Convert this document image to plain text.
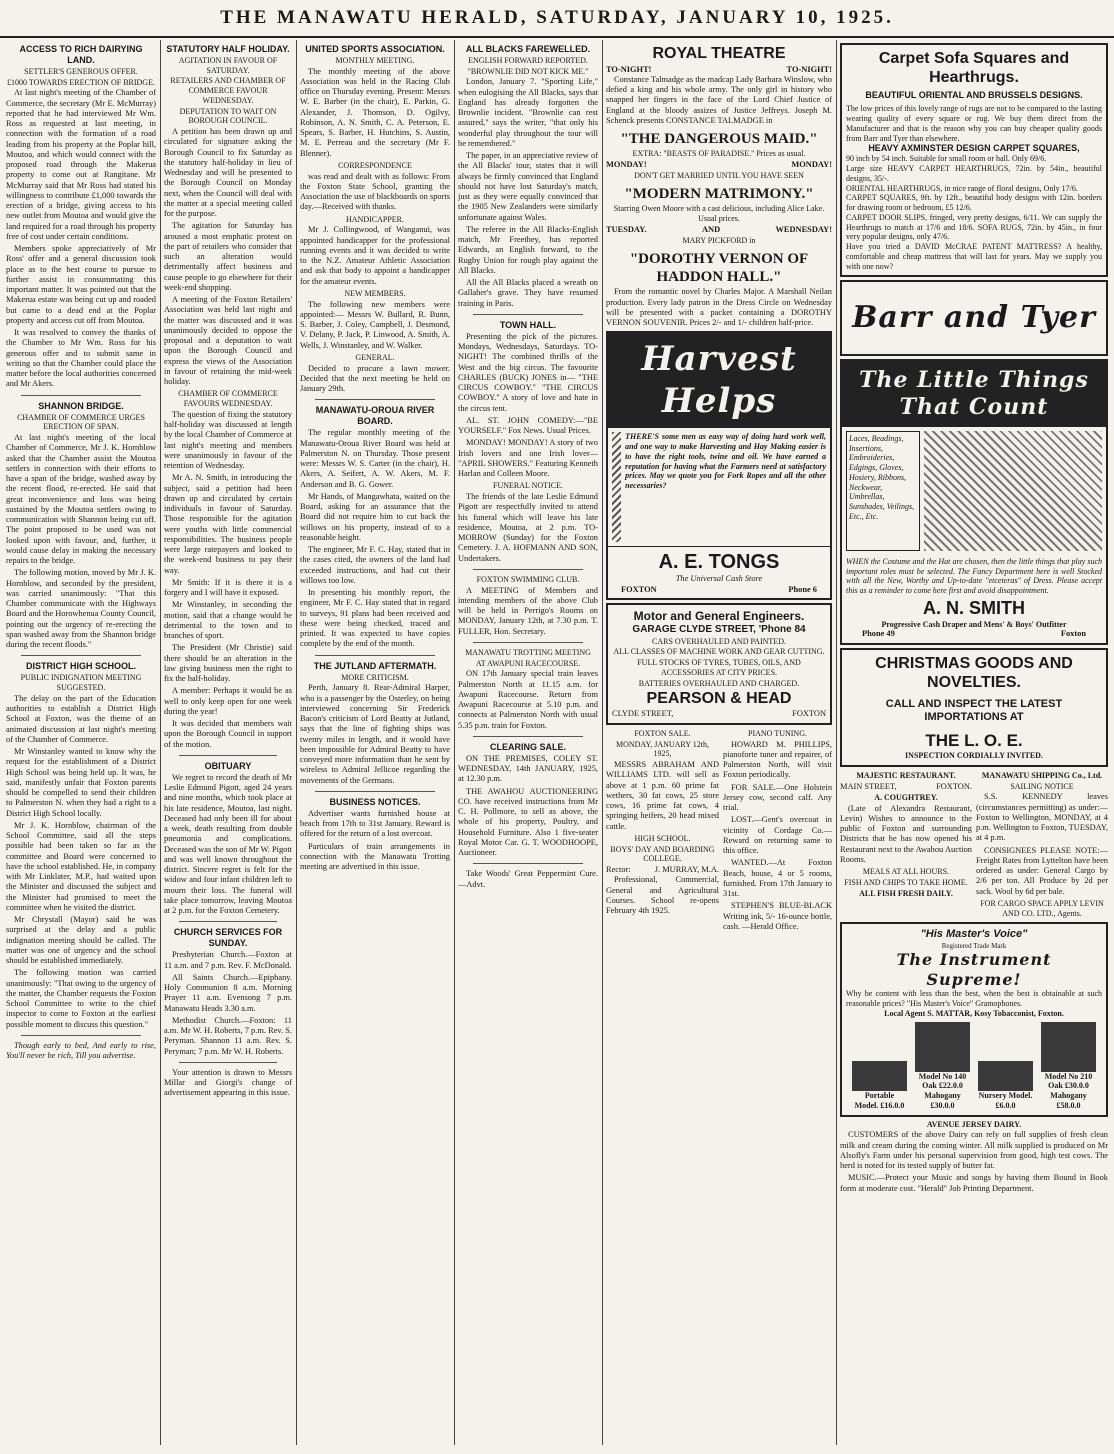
THE MANAWATU HERALD, SATURDAY, JANUARY 10, 1925.
ACCESS TO RICH DAIRYING LAND.
SETTLER'S GENEROUS OFFER.
£1000 TOWARDS ERECTION OF BRIDGE.

At last night's meeting of the Chamber of Commerce, the secretary (Mr E. McMurray) reported that he had interviewed Mr Wm. Ross as requested at last meeting, in connection with the formation of a road leading from his property at the Poplar hill, Moutoa, and which would connect with the proposed road through the Makerua property to come out at Rangitane. Mr McMurray said that Mr Ross had stated his willingness to contribute £1,000 towards the erection of a bridge, giving access to his new outlet from Moutoa and would give the land required for a road through his property free of cost under certain conditions.

Members spoke appreciatively of Mr Ross' offer and a general discussion took place as to the best course to pursue to further assist in consummating this important matter. It was pointed out that the Makerua estate was being cut up and roaded but came to a dead end at the Poplar property and access cut off from Moutoa.

It was resolved to convey the thanks of the Chamber to Mr Wm. Ross for his generous offer and to submit same in writing so that the Chamber could place the matter before the local authorities concerned and Mr Akers.

SHANNON BRIDGE.
CHAMBER OF COMMERCE URGES ERECTION OF SPAN.

At last night's meeting of the local Chamber of Commerce, Mr J. K. Hornblow asked that the Chamber assist the Moutoa settlers in connection with their efforts to have a span of the bridge, washed away by the recent flood, re-erected. He said that great inconvenience and loss was being sustained by the Moutoa settlers owing to communication with Shannon being cut off. The point proposed to be used was not looked upon with favour, and, further, it would cause delay in making the necessary repairs to the bridge.

The following motion, moved by Mr J. K. Hornblow, and seconded by the president, was carried unanimously: "That this Chamber communicate with the Highways Board and the Horowhenua County Council, pointing out the urgency of re-erecting the span washed away from the Shannon bridge during the recent floods."

DISTRICT HIGH SCHOOL.
PUBLIC INDIGNATION MEETING SUGGESTED.

The delay on the part of the Education authorities to establish a District High School at Foxton, was the theme of an animated discussion at last night's meeting of the Chamber of Commerce.

Mr Winstanley wanted to know why the request for the establishment of a District High School was being held up. It was, he said, manifestly unfair that Foxton parents should be compelled to send their children to Palmerston N. when they had a right to a District High School locally.

Mr J. K. Hornblow, chairman of the School Committee, said all the steps possible had been taken so far as the committee and Board were concerned to have the school established. He, in company with Mr Linklater, M.P., had waited upon the Minister and discussed the subject and the Minister had promised to meet the committee when he visited the district.

Mr Chrystall (Mayor) said he was surprised at the delay and a public indignation meeting should be called. The matter was one of urgency and the school should be established immediately.

The following motion was carried unanimously: "That owing to the urgency of the matter, the Chamber requests the Foxton School Committee to write to the chief inspector to come to Foxton at the earliest possible moment to discuss this question."

Though early to bed, And early to rise, You'll never be rich, Till you advertise.

STATUTORY HALF HOLIDAY.
AGITATION IN FAVOUR OF SATURDAY.
RETAILERS AND CHAMBER OF COMMERCE FAVOUR WEDNESDAY.
DEPUTATION TO WAIT ON BOROUGH COUNCIL.

A petition has been drawn up and circulated for signature asking the Borough Council to fix Saturday as the statutory half-holiday in lieu of Wednesday and will be presented to the Borough Council on Monday next, when the Council will deal with the matter at a special meeting called for the purpose.

The agitation for Saturday has aroused a most emphatic protest on the part of retailers who consider that such an alteration would detrimentally affect business and cause people to go elsewhere for their week-end shopping.

A meeting of the Foxton Retailers' Association was held last night and the matter was discussed and it was unanimously decided to oppose the proposal and a deputation to wait upon the Borough Council and express the views of the Association in favour of retaining the mid-week holiday.

CHAMBER OF COMMERCE FAVOURS WEDNESDAY.

The question of fixing the statutory half-holiday was discussed at length by the local Chamber of Commerce at last night's meeting and members were unanimously in favour of the retention of Wednesday.

Mr A. N. Smith, in introducing the subject, said a petition had been drawn up and circulated by certain individuals in favour of Saturday. Those responsible for the agitation were youths with little commercial responsibilities. The business people were large ratepayers and looked to the week-end business to pay their way.

Mr Smith: If it is there it is a forgery and I will have it exposed.

Mr Winstanley, in seconding the motion, said that a change would be detrimental to the town and to branches of sport.

The President (Mr Christie) said there should be an alteration in the law giving business men the right to fix the half-holiday.

A member: Perhaps it would be as well to only keep open for one week during the year!

It was decided that members wait upon the Borough Council in support of the motion.

OBITUARY

We regret to record the death of Mr Leslie Edmund Pigott, aged 24 years and nine months, which took place at his late residence, Moutoa, last night. Deceased had only been ill for about a week, death resulting from double pneumonia and complications. Deceased was the son of Mr W. Pigott and was well known throughout the district. Sincere regret is felt for the widow and four infant children left to mourn their loss. The funeral will take place tomorrow, leaving Moutoa at 2 p.m. for the Foxton Cemetery.

CHURCH SERVICES FOR SUNDAY.

Presbyterian Church.—Foxton at 11 a.m. and 7 p.m. Rev. F. McDonald.

All Saints Church.—Epiphany. Holy Communion 8 a.m. Morning Prayer 11 a.m. Evensong 7 p.m. Manawatu Heads 3.30 a.m.

Methodist Church.—Foxton: 11 a.m. Mr W. H. Roberts, 7 p.m. Rev. S. Peryman. Shannon 11 a.m. Rev. S. Peryman; 7 p.m. Mr W. H. Roberts.

Your attention is drawn to Messrs Millar and Giorgi's change of advertisement appearing in this issue.

UNITED SPORTS ASSOCIATION.
MONTHLY MEETING.

The monthly meeting of the above Association was held in the Racing Club office on Thursday evening. Present: Messrs W. E. Barber (in the chair), E. Parkin, G. Alexander, J. Thomson, D. Ogilvy, Robinson, A. N. Smith, C. A. Peterson, E. Spears, S. Barber, H. Hutchins, S. Austin, M. E. Perreau and the secretary (Mr F. Blenner).

CORRESPONDENCE

was read and dealt with as follows: From the Foxton State School, granting the Association the use of blackboards on sports day.—Received with thanks.

HANDICAPPER.

Mr J. Collingwood, of Wanganui, was appointed handicapper for the professional running events and it was decided to write to the N.Z. Amateur Athletic Association and ask that body to appoint a handicapper for the amateur events.

NEW MEMBERS.

The following new members were appointed:— Messrs W. Bullard, R. Bunn, S. Barber, J. Coley, Campbell, J. Desmond, V. Delany, P. Jack, P. Linwood, A. Smith, A. Wells, J. Winstanley, and W. Walker.

GENERAL.

Decided to procure a lawn mower. Decided that the next meeting be held on January 29th.

MANAWATU-OROUA RIVER BOARD.

The regular monthly meeting of the Manawatu-Oroua River Board was held at Palmerston N. on Thursday. Those present were: Messrs W. S. Carter (in the chair), H. Akers, A. Seifert, A. W. Akers, M. F. Anderson and B. G. Gower.

Mr Hands, of Mangawhata, waited on the Board, asking for an assurance that the Board did not require him to cut back the willows on his property, instead of to a reasonable height.

The engineer, Mr F. C. Hay, stated that in the cases cited, the owners of the land had exceeded instructions, and had cut their willows too low.

In presenting his monthly report, the engineer, Mr F. C. Hay stated that in regard to surveys, 91 plans had been received and these were being checked, traced and printed. It was expected to have copies complete by the end of the month.

THE JUTLAND AFTERMATH.
MORE CRITICISM.

Perth, January 8. Rear-Admiral Harper, who is a passenger by the Osterley, on being interviewed concerning Sir Frederick Bacon's criticism of Lord Beatty at Jutland, says that the line of fighting ships was twenty miles in length, and it would have been impossible for Admiral Beatty to have conveyed more information than he sent by wireless to Admiral Jellicoe regarding the movements of the Germans.

BUSINESS NOTICES.

Advertiser wants furnished house at beach from 17th to 31st January. Reward is offered for the return of a lost overcoat.

Particulars of train arrangements in connection with the Manawatu Trotting meeting are advertised in this issue.

ALL BLACKS FAREWELLED.
ENGLISH FORWARD REPORTED.
"BROWNLIE DID NOT KICK ME."

London, January 7. "Sporting Life," when eulogising the All Blacks, says that England has already forgotten the Brownlie incident. "Brownlie can rest assured," says the writer, "that only his wonderful play throughout the tour will be remembered."

The paper, in an appreciative review of the All Blacks' tour, states that it will always be firmly convinced that England should not have lost Saturday's match, just as they were equally convinced that the 1905 New Zealanders were similarly unfortunate against Wales.

The referee in the All Blacks-English match, Mr Freethey, has reported Edwards, an English forward, to the Rugby Union for rough play against the All Blacks.

All the All Blacks placed a wreath on Gallaher's grave. They have resumed training in Paris.

TOWN HALL.

Presenting the pick of the pictures. Mondays, Wednesdays, Saturdays. TO-NIGHT! The combined thrills of the West and the big circus. The favourite CHARLES (BUCK) JONES in— "THE CIRCUS COWBOY." "THE CIRCUS COWBOY." A story of love and hate in the circus tent.

AL. ST. JOHN COMEDY:—"BE YOURSELF." Fox News. Usual Prices.

MONDAY! MONDAY! A story of two Irish lovers and one Irish lover— "APRIL SHOWERS." Featuring Kenneth Harlan and Colleen Moore.

FUNERAL NOTICE.

The friends of the late Leslie Edmund Pigott are respectfully invited to attend his funeral which will leave his late residence, Moutoa, at 2 p.m. TO-MORROW (Sunday) for the Foxton Cemetery. J. A. HOFMANN AND SON, Undertakers.

FOXTON SWIMMING CLUB.

A MEETING of Members and intending members of the above Club will be held in Perrigo's Rooms on MONDAY, January 12th, at 7.30 p.m. T. FULLER, Hon. Secretary.

MANAWATU TROTTING MEETING
AT AWAPUNI RACECOURSE.

ON 17th January special train leaves Palmerston North at 11.15 a.m. for Awapuni Racecourse. Return from Awapuni Racecourse at 5.10 p.m. and connects at Palmerston North with usual 5.35 p.m. train for Foxton.

CLEARING SALE.

ON THE PREMISES, COLEY ST. WEDNESDAY, 14th JANUARY, 1925, at 12.30 p.m.

THE AWAHOU AUCTIONEERING CO. have received instructions from Mr C. H. Pollmore, to sell as above, the whole of his property, Poultry, and Household Furniture. Also 1 five-seater Royal Motor Car. G. T. WOODHOOPE, Auctioneer.

Take Woods' Great Peppermint Cure.—Advt.

ROYAL THEATRE
TO-NIGHT!	TO-NIGHT!

Constance Talmadge as the madcap Lady Barbara Winslow, who defied a king and his whole army. The only girl in history who snapped her fingers in the face of the Lord Chief Justice of England at the bloody assizes of Justice Jeffreys. Joseph M. Schenck presents CONSTANCE TALMADGE in

"THE DANGEROUS MAID."
EXTRA: "BEASTS OF PARADISE." Prices as usual.
MONDAY!	MONDAY!
DON'T GET MARRIED UNTIL YOU HAVE SEEN
"MODERN MATRIMONY."
Starring Owen Moore with a cast delicious, including Alice Lake. Usual prices.
TUESDAY.	AND	WEDNESDAY!
MARY PICKFORD in
"DOROTHY VERNON OF HADDON HALL."

From the romantic novel by Charles Major. A Marshall Neilan production. Every lady patron in the Dress Circle on Wednesday will be presented with a packet containing a DOROTHY VERNON SOUVENIR. Prices 2/- and 1/- children half-price.

Harvest Helps
THERE'S some men as easy way of doing hard work well, and one way to make Harvesting and Hay Making easier is to have the right tools, twine and oil. We have earned a reputation for having what the Farmers need at satisfactory prices. May we quote you for Fork Ropes and all the other necessaries?
A. E. TONGS
The Universal Cash Store
FOXTON	Phone 6
Motor and General Engineers.
GARAGE CLYDE STREET, 'Phone 84
CARS OVERHAULED AND PAINTED.
ALL CLASSES OF MACHINE WORK AND GEAR CUTTING.
FULL STOCKS OF TYRES, TUBES, OILS, AND ACCESSORIES AT CITY PRICES.
BATTERIES OVERHAULED AND CHARGED.
PEARSON & HEAD
CLYDE STREET,	FOXTON
FOXTON SALE.
MONDAY, JANUARY 12th, 1925,

MESSRS ABRAHAM AND WILLIAMS LTD. will sell as above at 1 p.m. 60 prime fat wethers, 30 fat cows, 25 store cows, 16 prime fat cows, 4 springing heifers, 20 head mixed cattle.

HIGH SCHOOL.
BOYS' DAY AND BOARDING COLLEGE.
Rector:	J. MURRAY, M.A.

Professional, Commercial, General and Agricultural Courses. School re-opens February 4th 1925.

PIANO TUNING.

HOWARD M. PHILLIPS, pianoforte tuner and repairer, of Palmerston North, will visit Foxton periodically.

FOR SALE.—One Holstein Jersey cow, second calf. Any trial.

LOST.—Gent's overcoat in vicinity of Cordage Co.—Reward on returning same to this office.

WANTED.—At Foxton Beach, house, 4 or 5 rooms, furnished. From 17th January to 31st.

STEPHEN'S BLUE-BLACK Writing ink, 5/- 16-ounce bottle, cash. —Herald Office.

Carpet Sofa Squares and Hearthrugs.
BEAUTIFUL ORIENTAL AND BRUSSELS DESIGNS.
The low prices of this lovely range of rugs are not to be compared to the lasting wearing quality of every square or rug. We buy them direct from the Manufacturer and that is the reason why you can buy cheaper quality goods from Barr and Tyer than elsewhere.
HEAVY AXMINSTER DESIGN CARPET SQUARES,
90 inch by 54 inch. Suitable for small room or hall. Only 69/6.
Large size HEAVY CARPET HEARTHRUGS, 72in. by 54in., beautiful designs, 35/-.
ORIENTAL HEARTHRUGS, in nice range of floral designs, Only 17/6.
CARPET SQUARES, 9ft. by 12ft., beautiful body designs with 12in. borders for drawing room or bedroom, £5 12/6.
CARPET DOOR SLIPS, fringed, very pretty designs, 6/11. We can supply the Hearthrugs to match at 17/6 and 18/6. SOFA RUGS, 72in. by 45in., in four very popular designs, only 47/6.
Have you tried a DAVID McCRAE PATENT MATTRESS? A healthy, comfortable and cheap mattress that will last for years. May we supply you with one now?
Barr and Tyer
The Little Things That Count
Laces, Beadings, Insertions, Embroideries, Edgings, Gloves, Hosiery, Ribbons, Neckwear, Umbrellas, Sunshades, Veilings, Etc., Etc.
WHEN the Costume and the Hat are chosen, then the little things that play such important roles must be selected. The Fancy Department here is well Stocked with all the New, Worthy and Up-to-date "etceteras" of Dress. Please accept this as a reminder to come here first and avoid disappointment.
A. N. SMITH
Progressive Cash Draper and Mens' & Boys' Outfitter
Phone 49	Foxton
CHRISTMAS GOODS AND NOVELTIES.
CALL AND INSPECT THE LATEST IMPORTATIONS AT
THE L. O. E.
INSPECTION CORDIALLY INVITED.
MAJESTIC RESTAURANT.
MAIN STREET,	FOXTON.
A. COUGHTREY.

(Late of Alexandra Restaurant, Levin) Wishes to announce to the public of Foxton and surrounding Districts that he has now opened his Restaurant next to the Awahou Auction Rooms.

MEALS AT ALL HOURS.
FISH AND CHIPS TO TAKE HOME.
ALL FISH FRESH DAILY.
MANAWATU SHIPPING Co., Ltd.
SAILING NOTICE

S.S. KENNEDY leaves (circumstances permitting) as under:— Foxton to Wellington, MONDAY, at 4 p.m. Wellington to Foxton, TUESDAY, at 4 p.m.

CONSIGNEES PLEASE NOTE:— Freight Rates from Lyttelton have been ordered as under: General Cargo by 2/6 per ton. All Produce by 2d per sack. Wool by 6d per bale.

FOR CARGO SPACE APPLY LEVIN AND CO. LTD., Agents.
"His Master's Voice"
Registered Trade Mark
The Instrument Supreme!
Why be content with less than the best, when the best is obtainable at such reasonable prices? "His Master's Voice" Gramophones.
Local Agent S. MATTAR, Kosy Tobacconist, Foxton.
Portable Model. £16.0.0
Model No 140 Oak £22.0.0 Mahogany £30.0.0
Nursery Model. £6.0.0
Model No 210 Oak £30.0.0 Mahogany £58.0.0
AVENUE JERSEY DAIRY.

CUSTOMERS of the above Dairy can rely on full supplies of fresh clean milk and cream during the coming winter. All milk supplied is produced on Mr Alsofly's Farm under his personal supervision from good, high test cows. The herd is noted for its tested supply of butter fat.

MUSIC.—Protect your Music and songs by having them Bound in Book form at moderate cost. "Herald" Job Printing Department.
